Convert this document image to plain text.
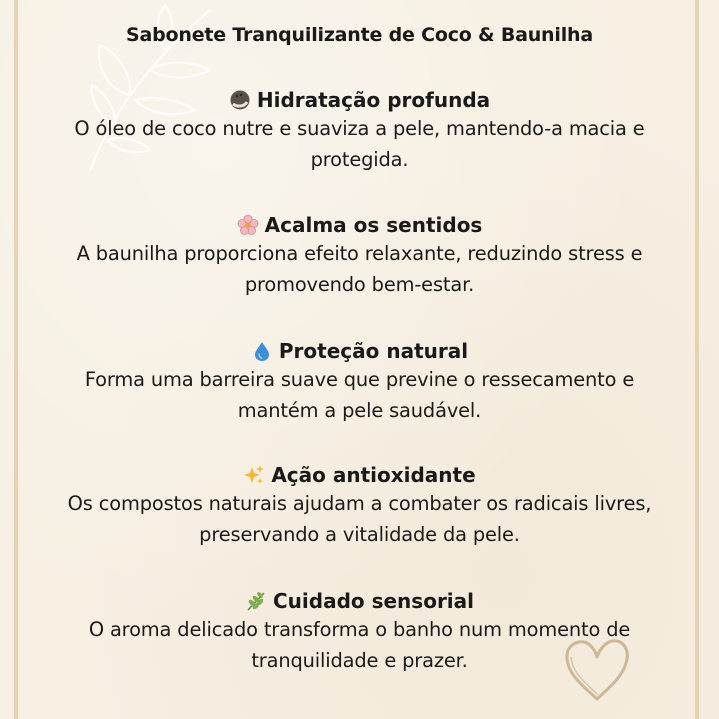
Sabonete Tranquilizante de Coco & Baunilha
Hidratação profunda
O óleo de coco nutre e suaviza a pele, mantendo-a macia e
protegida.
Acalma os sentidos
A baunilha proporciona efeito relaxante, reduzindo stress e
promovendo bem-estar.
Proteção natural
Forma uma barreira suave que previne o ressecamento e
mantém a pele saudável.
Ação antioxidante
Os compostos naturais ajudam a combater os radicais livres,
preservando a vitalidade da pele.
Cuidado sensorial
O aroma delicado transforma o banho num momento de
tranquilidade e prazer.
